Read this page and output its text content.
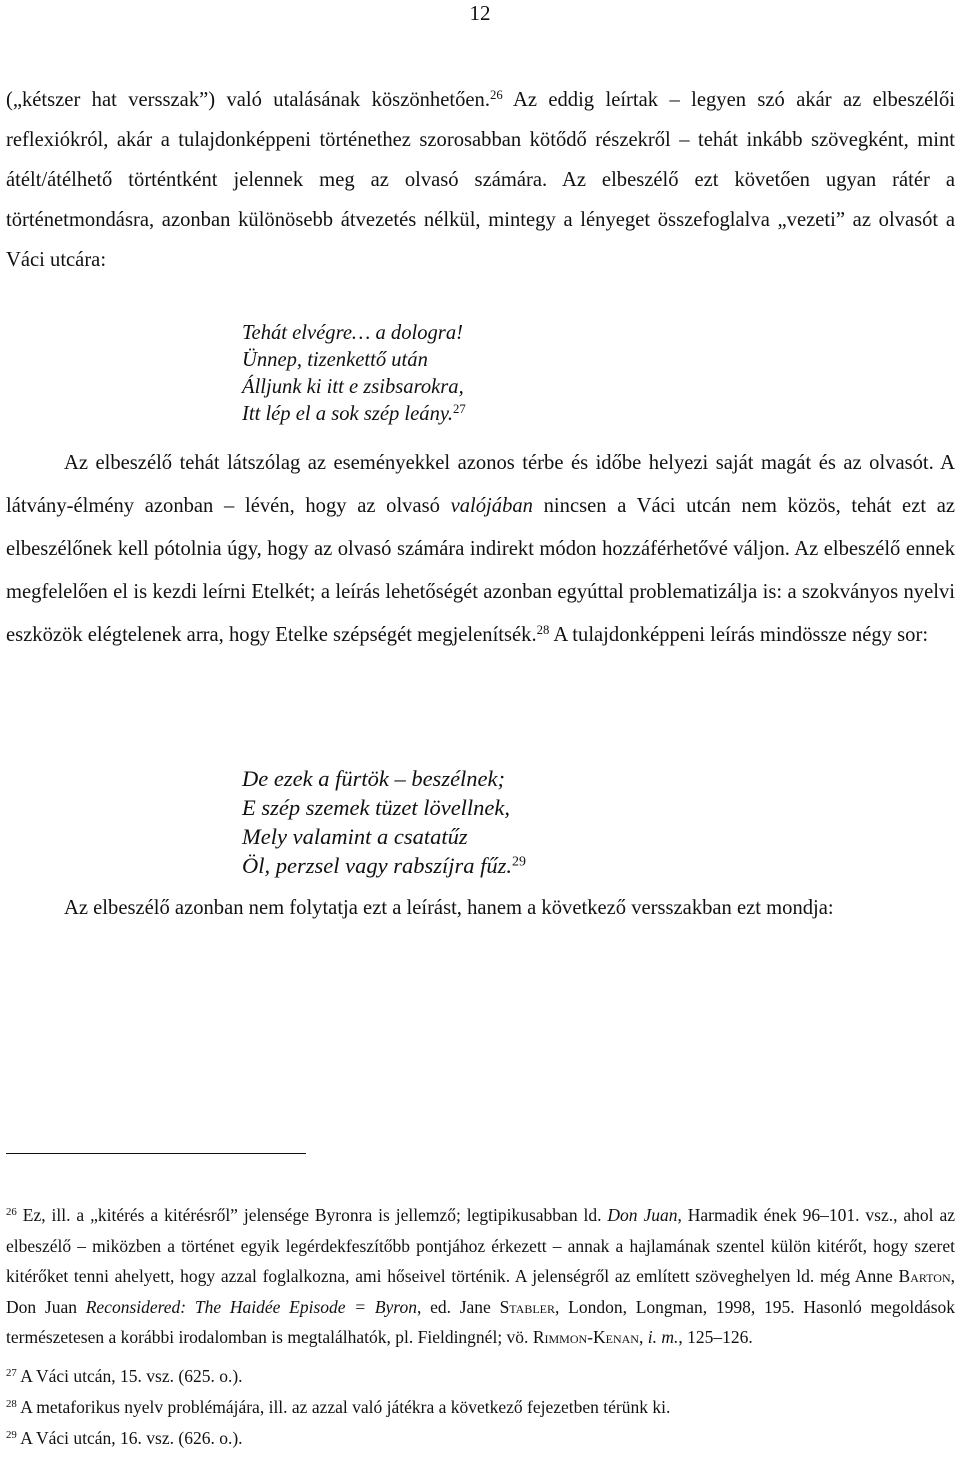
12

(„kétszer hat versszak”) való utalásának köszönhetően.$^{26}$ Az eddig leírtak – legyen szó akár az elbeszélői reflexiókról, akár a tulajdonképpeni történethez szorosabban kötődő részekről – tehát inkább szövegként, mint átélt/átélhető történtként jelennek meg az olvasó számára. Az elbeszélő ezt követően ugyan rátér a történetmondásra, azonban különösebb átvezetés nélkül, mintegy a lényeget összefoglalva „vezeti” az olvasót a Váci utcára:

Tehát elvégre… a dologra!
Ünnep, tizenkettő után
Álljunk ki itt e zsibsarokra,
Itt lép el a sok szép leány.$^{27}$

Az elbeszélő tehát látszólag az eseményekkel azonos térbe és időbe helyezi saját magát és az olvasót. A látvány-élmény azonban – lévén, hogy az olvasó valójában nincsen a Váci utcán nem közös, tehát ezt az elbeszélőnek kell pótolnia úgy, hogy az olvasó számára indirekt módon hozzáférhetővé váljon. Az elbeszélő ennek megfelelően el is kezdi leírni Etelkét; a leírás lehetőségét azonban egyúttal problematizálja is: a szokványos nyelvi eszközök elégtelenek arra, hogy Etelke szépségét megjelenítsék.$^{28}$ A tulajdonképpeni leírás mindössze négy sor:

De ezek a fürtök – beszélnek;
E szép szemek tüzet lövellnek,
Mely valamint a csatatűz
Öl, perzsel vagy rabszíjra fűz.$^{29}$

Az elbeszélő azonban nem folytatja ezt a leírást, hanem a következő versszakban ezt mondja:

$^{26}$ Ez, ill. a „kitérés a kitérésről” jelensége Byronra is jellemző; legtipikusabban ld. Don Juan, Harmadik ének 96–101. vsz., ahol az elbeszélő – miközben a történet egyik legérdekfeszítőbb pontjához érkezett – annak a hajlamának szentel külön kitérőt, hogy szeret kitérőket tenni ahelyett, hogy azzal foglalkozna, ami hőseivel történik. A jelenségről az említett szöveghelyen ld. még Anne Barton, Don Juan Reconsidered: The Haidée Episode = Byron, ed. Jane Stabler, London, Longman, 1998, 195. Hasonló megoldások természetesen a korábbi irodalomban is megtalálhatók, pl. Fieldingnél; vö. Rimmon-Kenan, i. m., 125–126.

$^{27}$ A Váci utcán, 15. vsz. (625. o.).

$^{28}$ A metaforikus nyelv problémájára, ill. az azzal való játékra a következő fejezetben térünk ki.

$^{29}$ A Váci utcán, 16. vsz. (626. o.).
